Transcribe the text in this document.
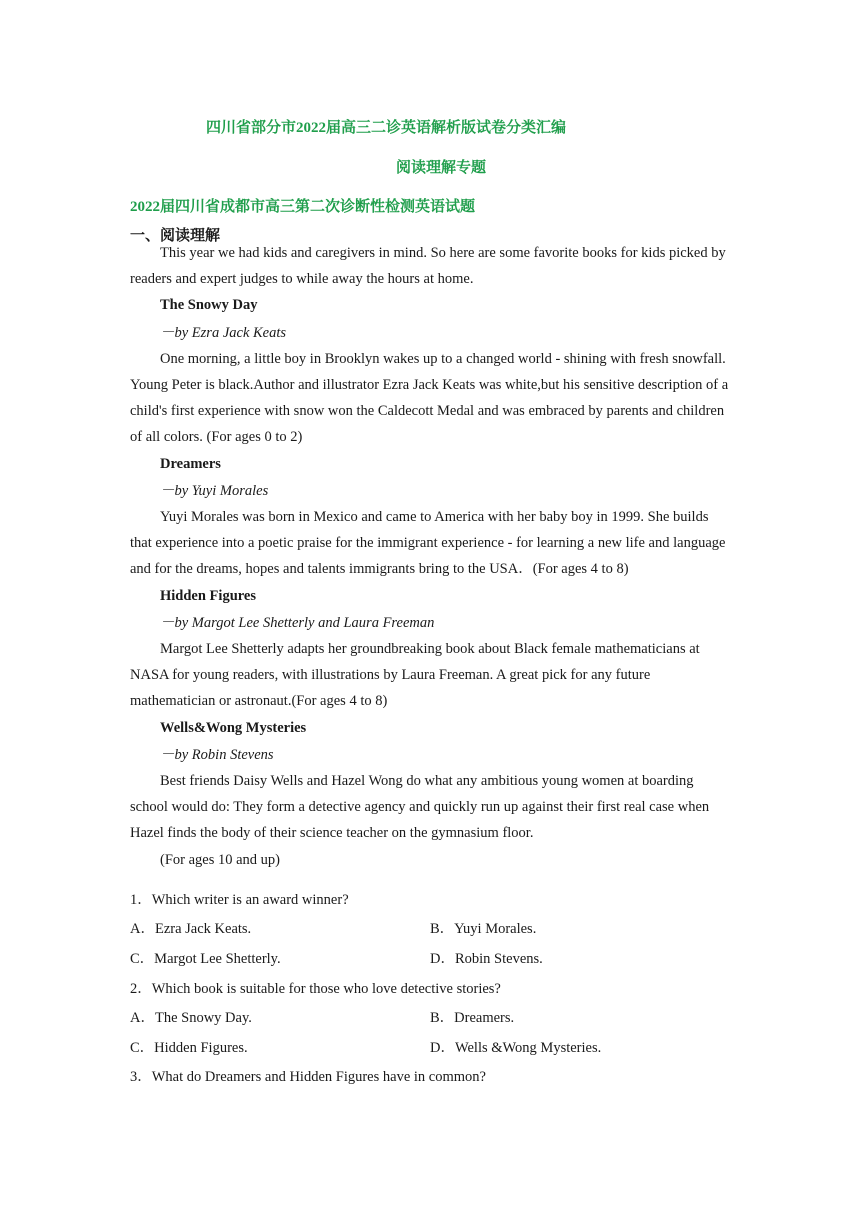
四川省部分市2022届高三二诊英语解析版试卷分类汇编
阅读理解专题
2022届四川省成都市高三第二次诊断性检测英语试题
一、阅读理解

This year we had kids and caregivers in mind. So here are some favorite books for kids picked by readers and expert judges to while away the hours at home.

The Snowy Day

－by Ezra Jack Keats

One morning, a little boy in Brooklyn wakes up to a changed world - shining with fresh snowfall. Young Peter is black.Author and illustrator Ezra Jack Keats was white,but his sensitive description of a child's first experience with snow won the Caldecott Medal and was embraced by parents and children of all colors. (For ages 0 to 2)

Dreamers

－by Yuyi Morales

Yuyi Morales was born in Mexico and came to America with her baby boy in 1999. She builds that experience into a poetic praise for the immigrant experience - for learning a new life and language and for the dreams, hopes and talents immigrants bring to the USA．(For ages 4 to 8)

Hidden Figures

－by Margot Lee Shetterly and Laura Freeman

Margot Lee Shetterly adapts her groundbreaking book about Black female mathematicians at NASA for young readers, with illustrations by Laura Freeman. A great pick for any future mathematician or astronaut.(For ages 4 to 8)

Wells&Wong Mysteries

－by Robin Stevens

Best friends Daisy Wells and Hazel Wong do what any ambitious young women at boarding school would do: They form a detective agency and quickly run up against their first real case when Hazel finds the body of their science teacher on the gymnasium floor.

(For ages 10 and up)

1．Which writer is an award winner?
A．Ezra Jack Keats.	B．Yuyi Morales.
C．Margot Lee Shetterly.	D．Robin Stevens.
2．Which book is suitable for those who love detective stories?
A．The Snowy Day.	B．Dreamers.
C．Hidden Figures.	D．Wells &Wong Mysteries.
3．What do Dreamers and Hidden Figures have in common?
